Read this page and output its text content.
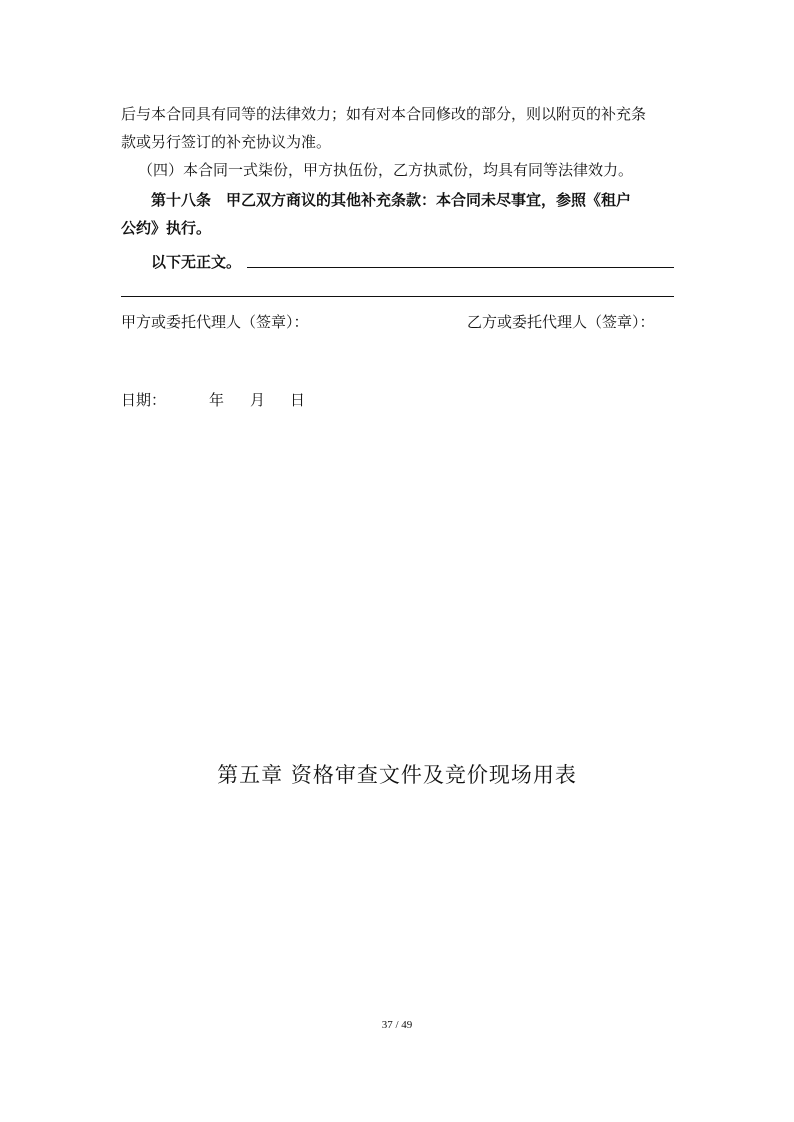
后与本合同具有同等的法律效力；如有对本合同修改的部分，则以附页的补充条
款或另行签订的补充协议为准。
（四）本合同一式柒份，甲方执伍份，乙方执贰份，均具有同等法律效力。
第十八条　甲乙双方商议的其他补充条款：本合同未尽事宜，参照《租户
公约》执行。
以下无正文。
甲方或委托代理人（签章）：	乙方或委托代理人（签章）：
日期：	年 月 日
第五章 资格审查文件及竞价现场用表
37 / 49
